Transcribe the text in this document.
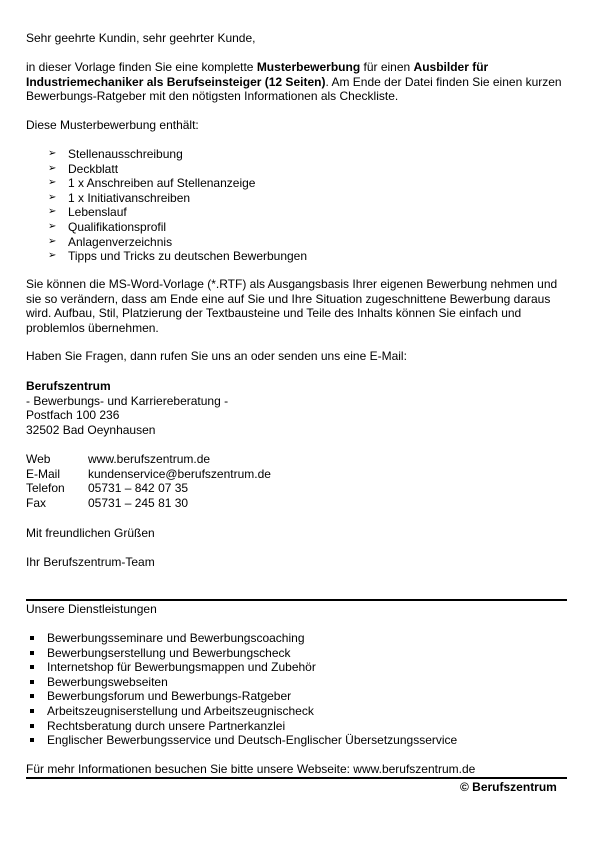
Sehr geehrte Kundin, sehr geehrter Kunde,
in dieser Vorlage finden Sie eine komplette Musterbewerbung für einen Ausbilder für Industriemechaniker als Berufseinsteiger (12 Seiten). Am Ende der Datei finden Sie einen kurzen Bewerbungs-Ratgeber mit den nötigsten Informationen als Checkliste.
Diese Musterbewerbung enthält:
➢ Stellenausschreibung
➢ Deckblatt
➢ 1 x Anschreiben auf Stellenanzeige
➢ 1 x Initiativanschreiben
➢ Lebenslauf
➢ Qualifikationsprofil
➢ Anlagenverzeichnis
➢ Tipps und Tricks zu deutschen Bewerbungen
Sie können die MS-Word-Vorlage (*.RTF) als Ausgangsbasis Ihrer eigenen Bewerbung nehmen und sie so verändern, dass am Ende eine auf Sie und Ihre Situation zugeschnittene Bewerbung daraus wird. Aufbau, Stil, Platzierung der Textbausteine und Teile des Inhalts können Sie einfach und problemlos übernehmen.
Haben Sie Fragen, dann rufen Sie uns an oder senden uns eine E-Mail:
Berufszentrum
- Bewerbungs- und Karriereberatung -
Postfach 100 236
32502 Bad Oeynhausen
Web	www.berufszentrum.de
E-Mail	kundenservice@berufszentrum.de
Telefon	05731 – 842 07 35
Fax	05731 – 245 81 30
Mit freundlichen Grüßen
Ihr Berufszentrum-Team
Unsere Dienstleistungen
Bewerbungsseminare und Bewerbungscoaching
Bewerbungserstellung und Bewerbungscheck
Internetshop für Bewerbungsmappen und Zubehör
Bewerbungswebseiten
Bewerbungsforum und Bewerbungs-Ratgeber
Arbeitszeugniserstellung und Arbeitszeugnischeck
Rechtsberatung durch unsere Partnerkanzlei
Englischer Bewerbungsservice und Deutsch-Englischer Übersetzungsservice
Für mehr Informationen besuchen Sie bitte unsere Webseite: www.berufszentrum.de
© Berufszentrum
